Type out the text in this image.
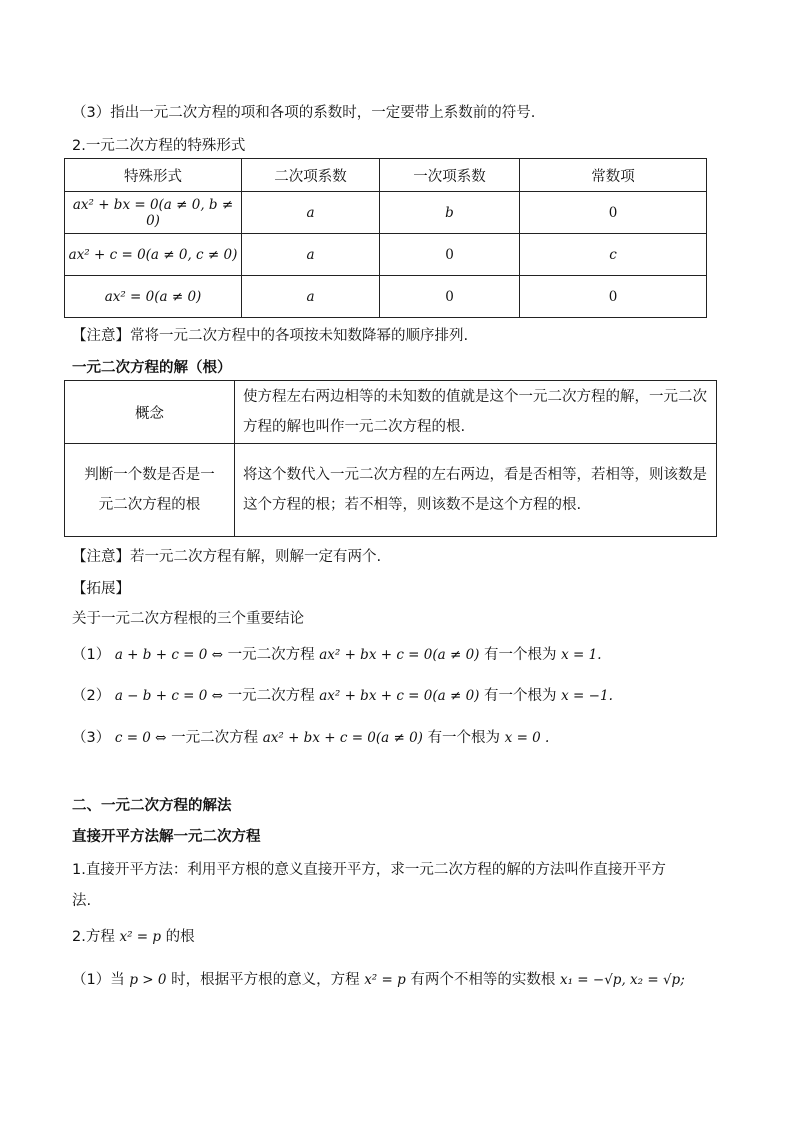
（3）指出一元二次方程的项和各项的系数时，一定要带上系数前的符号.
2.一元二次方程的特殊形式
特殊形式	二次项系数	一次项系数	常数项
ax² + bx = 0(a ≠ 0, b ≠ 0)	a	b	0
ax² + c = 0(a ≠ 0, c ≠ 0)	a	0	c
ax² = 0(a ≠ 0)	a	0	0
【注意】常将一元二次方程中的各项按未知数降幂的顺序排列.
一元二次方程的解（根）
概念	使方程左右两边相等的未知数的值就是这个一元二次方程的解，一元二次方程的解也叫作一元二次方程的根.
判断一个数是否是一元二次方程的根	将这个数代入一元二次方程的左右两边，看是否相等，若相等，则该数是这个方程的根；若不相等，则该数不是这个方程的根.
【注意】若一元二次方程有解，则解一定有两个.
【拓展】
关于一元二次方程根的三个重要结论
（1） a + b + c = 0 ⇔ 一元二次方程 ax² + bx + c = 0(a ≠ 0) 有一个根为 x = 1.
（2） a − b + c = 0 ⇔ 一元二次方程 ax² + bx + c = 0(a ≠ 0) 有一个根为 x = −1.
（3） c = 0 ⇔ 一元二次方程 ax² + bx + c = 0(a ≠ 0) 有一个根为 x = 0 .
二、一元二次方程的解法
直接开平方法解一元二次方程
1.直接开平方法：利用平方根的意义直接开平方，求一元二次方程的解的方法叫作直接开平方
法.
2.方程 x² = p 的根
（1）当 p > 0 时，根据平方根的意义，方程 x² = p 有两个不相等的实数根 x₁ = −√p, x₂ = √p;
